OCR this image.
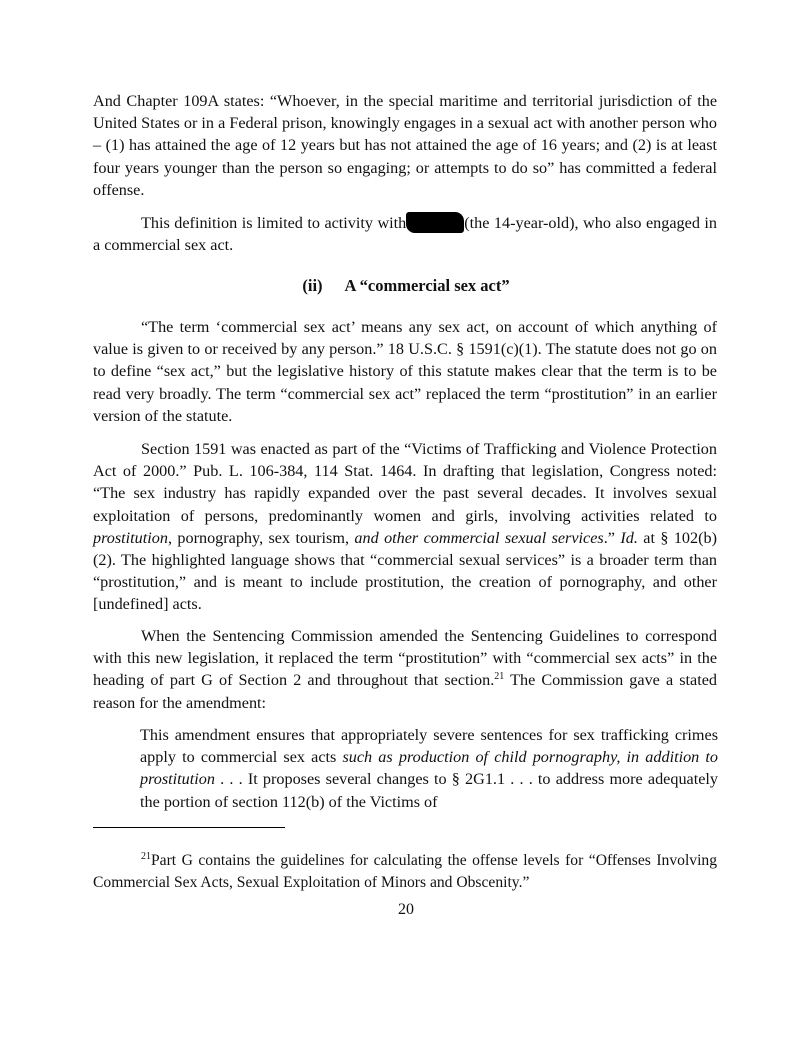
And Chapter 109A states: “Whoever, in the special maritime and territorial jurisdiction of the United States or in a Federal prison, knowingly engages in a sexual act with another person who – (1) has attained the age of 12 years but has not attained the age of 16 years; and (2) is at least four years younger than the person so engaging; or attempts to do so” has committed a federal offense.

This definition is limited to activity with	(the 14-year-old), who also engaged in a commercial sex act.

(ii) A “commercial sex act”

“The term ‘commercial sex act’ means any sex act, on account of which anything of value is given to or received by any person.” 18 U.S.C. § 1591(c)(1). The statute does not go on to define “sex act,” but the legislative history of this statute makes clear that the term is to be read very broadly. The term “commercial sex act” replaced the term “prostitution” in an earlier version of the statute.

Section 1591 was enacted as part of the “Victims of Trafficking and Violence Protection Act of 2000.” Pub. L. 106-384, 114 Stat. 1464. In drafting that legislation, Congress noted: “The sex industry has rapidly expanded over the past several decades. It involves sexual exploitation of persons, predominantly women and girls, involving activities related to prostitution, pornography, sex tourism, and other commercial sexual services.” Id. at § 102(b)(2). The highlighted language shows that “commercial sexual services” is a broader term than “prostitution,” and is meant to include prostitution, the creation of pornography, and other [undefined] acts.

When the Sentencing Commission amended the Sentencing Guidelines to correspond with this new legislation, it replaced the term “prostitution” with “commercial sex acts” in the heading of part G of Section 2 and throughout that section.$^{21}$ The Commission gave a stated reason for the amendment:

This amendment ensures that appropriately severe sentences for sex trafficking crimes apply to commercial sex acts such as production of child pornography, in addition to prostitution . . . It proposes several changes to § 2G1.1 . . . to address more adequately the portion of section 112(b) of the Victims of

$^{21}$Part G contains the guidelines for calculating the offense levels for “Offenses Involving Commercial Sex Acts, Sexual Exploitation of Minors and Obscenity.”

20
